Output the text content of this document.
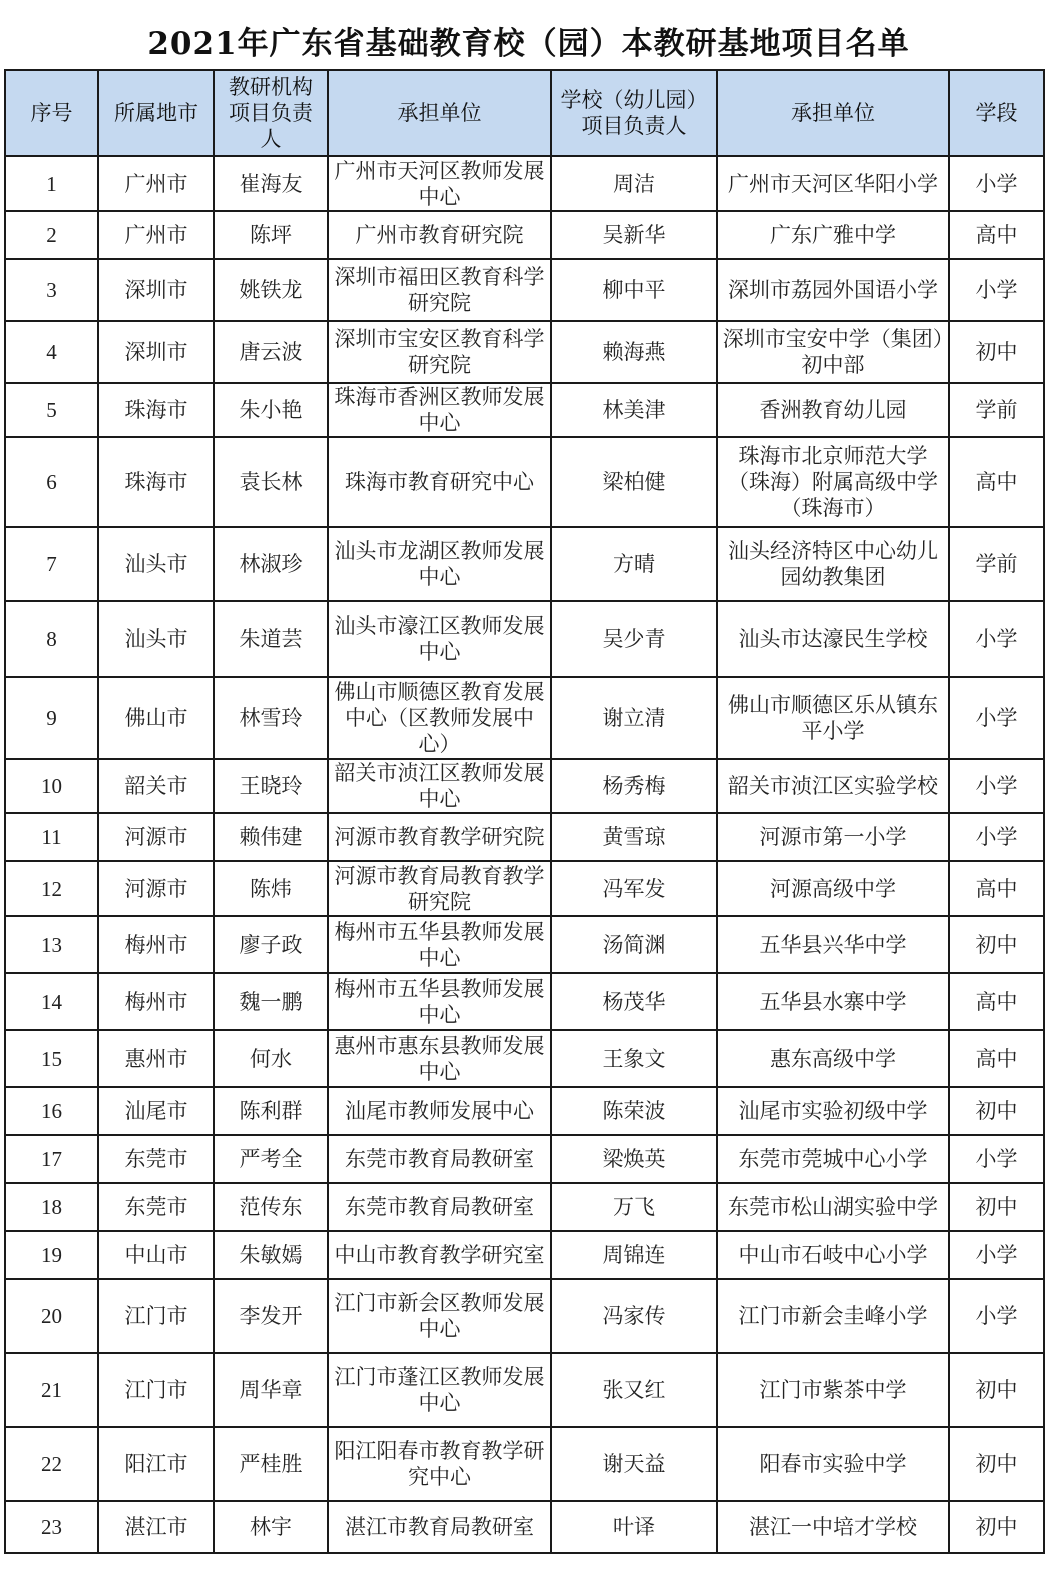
2021年广东省基础教育校（园）本教研基地项目名单
序号	所属地市	教研机构项目负责人	承担单位	学校（幼儿园）项目负责人	承担单位	学段
1	广州市	崔海友	广州市天河区教师发展中心	周洁	广州市天河区华阳小学	小学
2	广州市	陈坪	广州市教育研究院	吴新华	广东广雅中学	高中
3	深圳市	姚铁龙	深圳市福田区教育科学研究院	柳中平	深圳市荔园外国语小学	小学
4	深圳市	唐云波	深圳市宝安区教育科学研究院	赖海燕	深圳市宝安中学（集团）初中部	初中
5	珠海市	朱小艳	珠海市香洲区教师发展中心	林美津	香洲教育幼儿园	学前
6	珠海市	袁长林	珠海市教育研究中心	梁柏健	珠海市北京师范大学（珠海）附属高级中学（珠海市）	高中
7	汕头市	林淑珍	汕头市龙湖区教师发展中心	方晴	汕头经济特区中心幼儿园幼教集团	学前
8	汕头市	朱道芸	汕头市濠江区教师发展中心	吴少青	汕头市达濠民生学校	小学
9	佛山市	林雪玲	佛山市顺德区教育发展中心（区教师发展中心）	谢立清	佛山市顺德区乐从镇东平小学	小学
10	韶关市	王晓玲	韶关市浈江区教师发展中心	杨秀梅	韶关市浈江区实验学校	小学
11	河源市	赖伟建	河源市教育教学研究院	黄雪琼	河源市第一小学	小学
12	河源市	陈炜	河源市教育局教育教学研究院	冯军发	河源高级中学	高中
13	梅州市	廖子政	梅州市五华县教师发展中心	汤简渊	五华县兴华中学	初中
14	梅州市	魏一鹏	梅州市五华县教师发展中心	杨茂华	五华县水寨中学	高中
15	惠州市	何水	惠州市惠东县教师发展中心	王象文	惠东高级中学	高中
16	汕尾市	陈利群	汕尾市教师发展中心	陈荣波	汕尾市实验初级中学	初中
17	东莞市	严考全	东莞市教育局教研室	梁焕英	东莞市莞城中心小学	小学
18	东莞市	范传东	东莞市教育局教研室	万飞	东莞市松山湖实验中学	初中
19	中山市	朱敏嫣	中山市教育教学研究室	周锦连	中山市石岐中心小学	小学
20	江门市	李发开	江门市新会区教师发展中心	冯家传	江门市新会圭峰小学	小学
21	江门市	周华章	江门市蓬江区教师发展中心	张又红	江门市紫茶中学	初中
22	阳江市	严桂胜	阳江阳春市教育教学研究中心	谢天益	阳春市实验中学	初中
23	湛江市	林宇	湛江市教育局教研室	叶译	湛江一中培才学校	初中
